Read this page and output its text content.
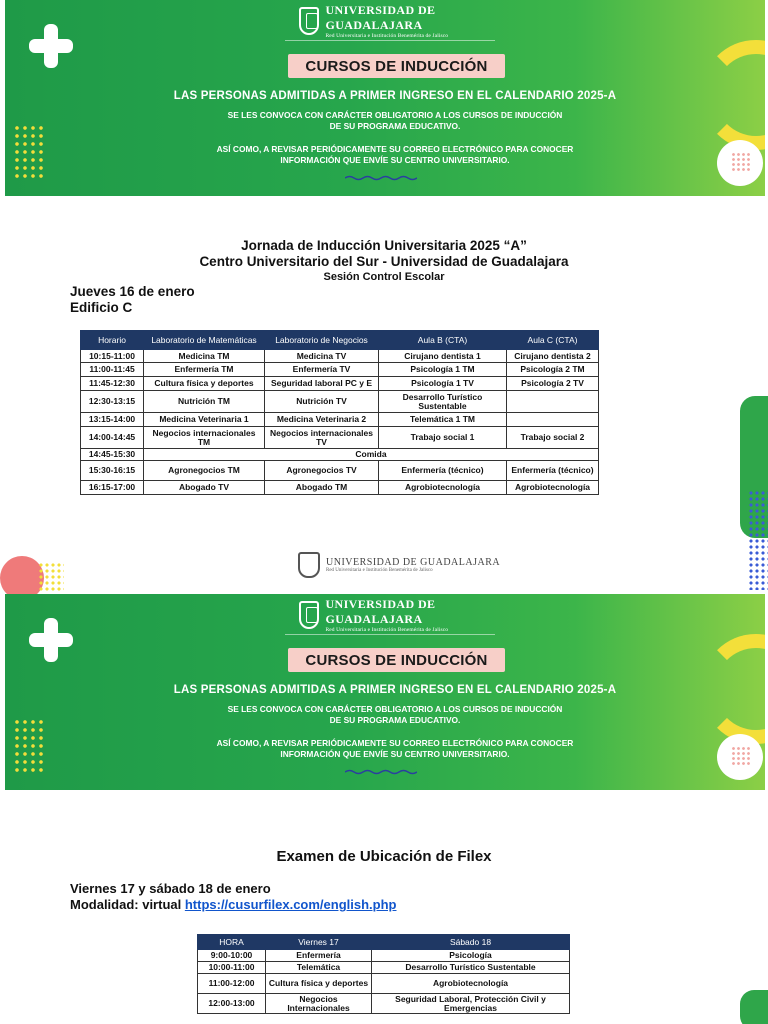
UNIVERSIDAD DE GUADALAJARA
Red Universitaria e Institución Benemérita de Jalisco
CURSOS DE INDUCCIÓN
LAS PERSONAS ADMITIDAS A PRIMER INGRESO EN EL CALENDARIO 2025-A
SE LES CONVOCA CON CARÁCTER OBLIGATORIO A LOS CURSOS DE INDUCCIÓN
DE SU PROGRAMA EDUCATIVO.
ASÍ COMO, A REVISAR PERIÓDICAMENTE SU CORREO ELECTRÓNICO PARA CONOCER
INFORMACIÓN QUE ENVÍE SU CENTRO UNIVERSITARIO.
Jornada de Inducción Universitaria 2025 “A”
Centro Universitario del Sur - Universidad de Guadalajara
Sesión Control Escolar
Jueves 16 de enero
Edificio C
Horario	Laboratorio de Matemáticas	Laboratorio de Negocios	Aula B (CTA)	Aula C (CTA)
10:15-11:00	Medicina TM	Medicina TV	Cirujano dentista 1	Cirujano dentista 2
11:00-11:45	Enfermería TM	Enfermería TV	Psicología 1 TM	Psicología 2 TM
11:45-12:30	Cultura física y deportes	Seguridad laboral PC y E	Psicología 1 TV	Psicología 2 TV
12:30-13:15	Nutrición TM	Nutrición TV	Desarrollo Turístico Sustentable	
13:15-14:00	Medicina Veterinaria 1	Medicina Veterinaria 2	Telemática 1 TM	
14:00-14:45	Negocios internacionales TM	Negocios internacionales TV	Trabajo social 1	Trabajo social 2
14:45-15:30	Comida			
15:30-16:15	Agronegocios TM	Agronegocios TV	Enfermería (técnico)	Enfermería (técnico)
16:15-17:00	Abogado TV	Abogado TM	Agrobiotecnología	Agrobiotecnología
UNIVERSIDAD DE GUADALAJARA
Red Universitaria e Institución Benemérita de Jalisco
UNIVERSIDAD DE GUADALAJARA
Red Universitaria e Institución Benemérita de Jalisco
CURSOS DE INDUCCIÓN
LAS PERSONAS ADMITIDAS A PRIMER INGRESO EN EL CALENDARIO 2025-A
SE LES CONVOCA CON CARÁCTER OBLIGATORIO A LOS CURSOS DE INDUCCIÓN
DE SU PROGRAMA EDUCATIVO.
ASÍ COMO, A REVISAR PERIÓDICAMENTE SU CORREO ELECTRÓNICO PARA CONOCER
INFORMACIÓN QUE ENVÍE SU CENTRO UNIVERSITARIO.
Examen de Ubicación de Filex
Viernes 17 y sábado 18 de enero
Modalidad: virtual https://cusurfilex.com/english.php
HORA	Viernes 17	Sábado 18
9:00-10:00	Enfermería	Psicología
10:00-11:00	Telemática	Desarrollo Turístico Sustentable
11:00-12:00	Cultura física y deportes	Agrobiotecnología
12:00-13:00	Negocios Internacionales	Seguridad Laboral, Protección Civil y Emergencias
